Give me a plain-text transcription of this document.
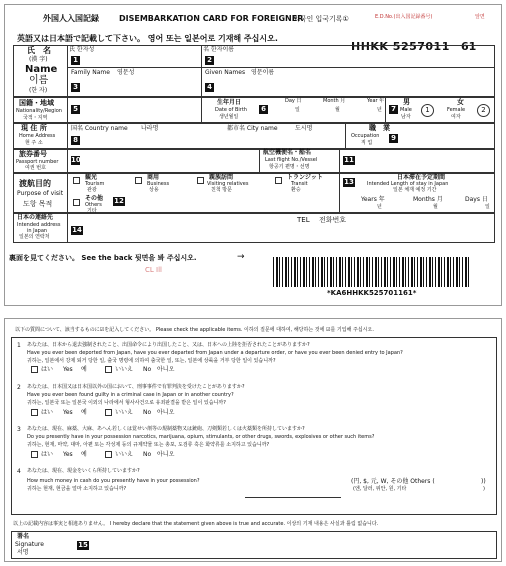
外国人入国記録	DISEMBARKATION CARD FOR FOREIGNER
외국인 입국기록①	E.D.No.(出入国記録番号)	앞면
英語又は日本語で記載して下さい。 영어 또는 일본어로 기재해 주십시오.
HHKK 5257011 61
氏　名
(漢 字)
Name
이름
(한 자)
氏 한자성
1
名 한자이름
2
Family Name 영문성
3
Given Names 영문이름
4
国籍・地域
Nationality/Region
국적・지역
5
生年月日
Date of Birth
생년월일
6
Day 日
일
Month 月
월
Year 年
년 7
男
Male
남자
1
女
Female
여자
2
現 住 所
Home Address
현 주 소
国名 Country name 나라명
8
都市名 City name	도시명	職　業
Occupation
직 업
9
旅券番号
Passport number
여권 번호
10
航空機便名・船名
Last flight No./Vessel
항공기 편명・선명
11
渡航目的
Purpose of visit
도항 목적
観光
Tourism
관광
商用
Business
상용
親族訪問
Visiting relatives
친척 방문
トランジット
Transit
환승
その他
Others
기타
12
13
日本滞在予定期間
Intended Length of stay in Japan
일본 체재 예정 기간
Years 年
년
Months 月
월
Days 日
일
日本の連絡先
Intended address
in Japan
일본의 연락처
14
TEL 전화번호
裏面を見てください。 See the back 뒷면을 봐 주십시오.	→
CL Ill
*KA6HHKK525701161*
以下の質問について、該当するものに☑を記入してください。 Please check the applicable items. 이하의 질문에 대하여, 해당하는 것에 ☑를 기입해 주십시오.
1 あなたは、日本から退去強制されたこと、出国命令により出国したこと、又は、日本への上陸を拒否されたことがありますか?
Have you ever been deported from Japan, have you ever departed from Japan under a departure order, or have you ever been denied entry to Japan?
귀하는, 일본에서 강제 퇴거 당한 일, 출국 명령에 의하여 출국한 일, 또는, 일본에 상륙을 거부 당한 일이 있습니까?
はい Yes 예	いいえ No 아니오
2 あなたは、日本国又は日本国以外の国において、刑事事件で有罪判決を受けたことがありますか?
Have you ever been found guilty in a criminal case in Japan or in another country?
귀하는, 일본국 또는 일본국 이외의 나라에서 형사사건으로 유죄판결을 받은 일이 있습니까?
はい Yes 예	いいえ No 아니오
3 あなたは、現在、麻薬、大麻、あへん若しくは覚せい剤等の規制薬物又は銃砲、刀剣類若しくは火薬類を所持していますか?
Do you presently have in your possession narcotics, marijuana, opium, stimulants, or other drugs, swords, explosives or other such items?
귀하는, 현재, 마약, 대마, 아편 또는 각성제 등의 규제약물 또는 총포, 도검류 혹은 화약류를 소지하고 있습니까?
はい Yes 예	いいえ No 아니오
4 あなたは、現在、現金をいくら所持していますか?
How much money in cash do you presently have in your possession?
귀하는 현재, 현금을 얼마 소지하고 있습니까?
(円, $, 元, W, その他 Others (	))
(엔, 달러, 위안, 원, 기타	)
以上の記載内容は事実と相違ありません。 I hereby declare that the statement given above is true and accurate. 이상의 기재 내용은 사실과 틀림 없습니다.
署名
Signature
서명
15
